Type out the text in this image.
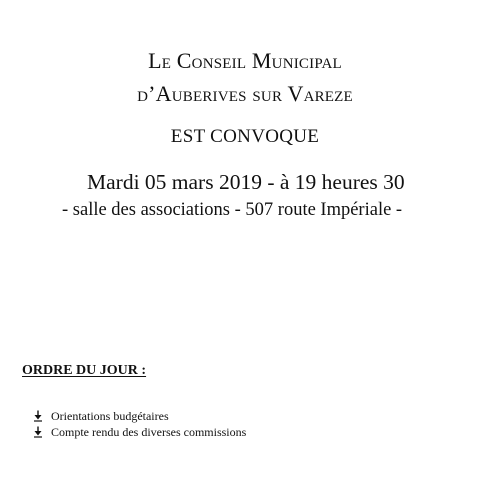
Le Conseil Municipal
d’Auberives sur Vareze
EST CONVOQUE
Mardi 05 mars 2019 - à 19 heures 30
- salle des associations - 507 route Impériale -
ORDRE DU JOUR :
Orientations budgétaires
Compte rendu des diverses commissions
